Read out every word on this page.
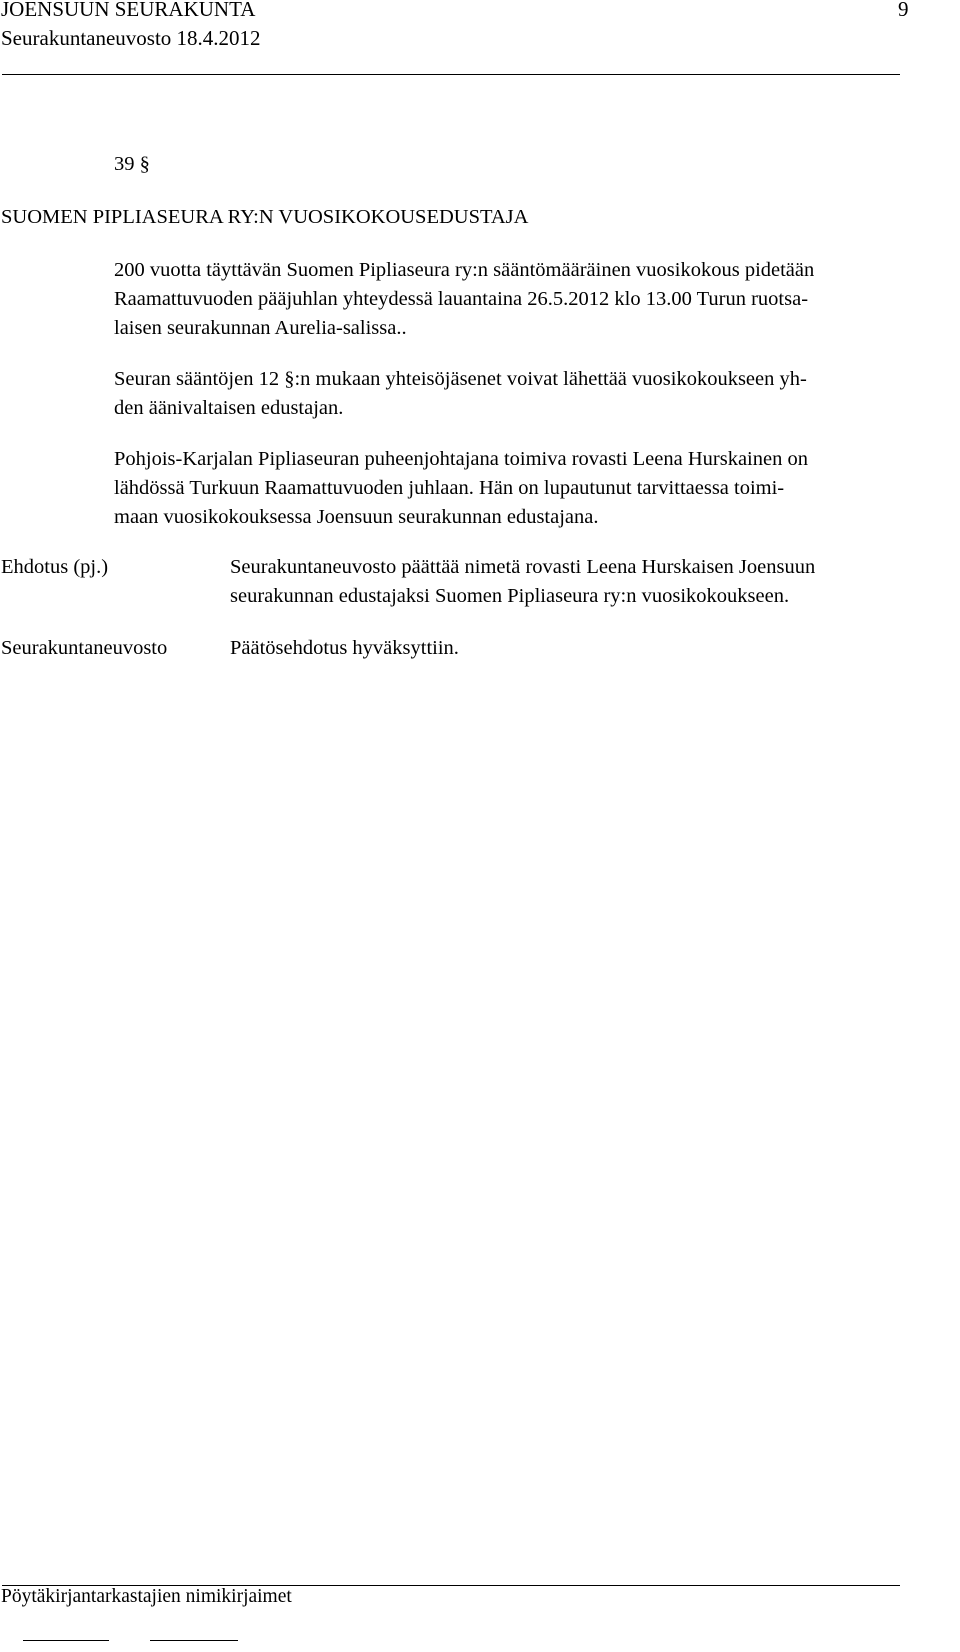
JOENSUUN SEURAKUNTA	9
Seurakuntaneuvosto 18.4.2012
39 §
SUOMEN PIPLIASEURA RY:N VUOSIKOKOUSEDUSTAJA
200 vuotta täyttävän Suomen Pipliaseura ry:n sääntömääräinen vuosikokous pidetään
Raamattuvuoden pääjuhlan yhteydessä lauantaina 26.5.2012 klo 13.00 Turun ruotsa-
laisen seurakunnan Aurelia-salissa..
Seuran sääntöjen 12 §:n mukaan yhteisöjäsenet voivat lähettää vuosikokoukseen yh-
den äänivaltaisen edustajan.
Pohjois-Karjalan Pipliaseuran puheenjohtajana toimiva rovasti Leena Hurskainen on
lähdössä Turkuun Raamattuvuoden juhlaan. Hän on lupautunut tarvittaessa toimi-
maan vuosikokouksessa Joensuun seurakunnan edustajana.
Ehdotus (pj.)	Seurakuntaneuvosto päättää nimetä rovasti Leena Hurskaisen Joensuun
seurakunnan edustajaksi Suomen Pipliaseura ry:n vuosikokoukseen.
Seurakuntaneuvosto	Päätösehdotus hyväksyttiin.
Pöytäkirjantarkastajien nimikirjaimet
